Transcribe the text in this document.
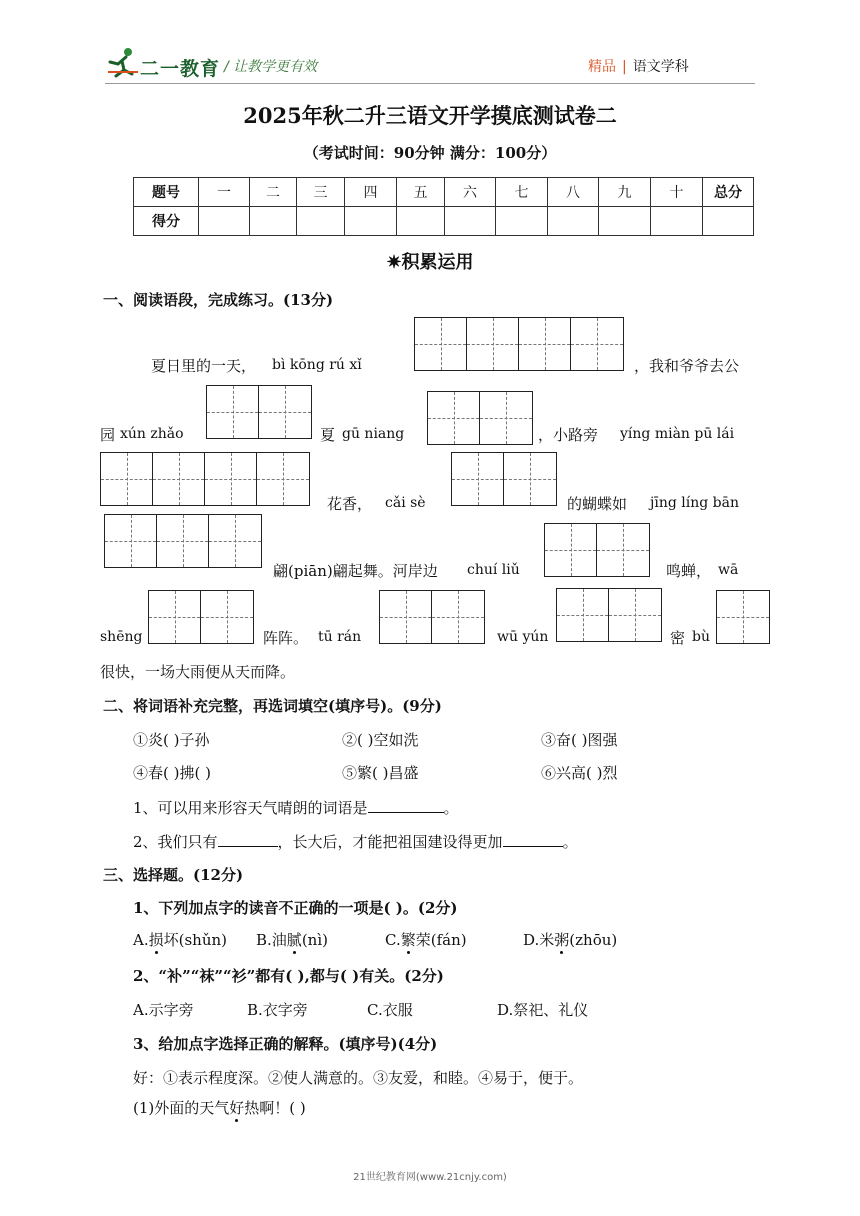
二一教育 / 让教学更有效	精品 | 语文学科
2025年秋二升三语文开学摸底测试卷二
（考试时间：90分钟 满分：100分）
题号	一	二	三	四	五	六	七	八	九	十	总分
得分											
✷积累运用
一、阅读语段，完成练习。(13分)
夏日里的一天， bì kōng rú xǐ	，我和爷爷去公
园 xún zhǎo	夏 gū niang	，小路旁 yíng miàn pū lái
花香， cǎi sè	的蝴蝶如 jīng líng bān
翩(piān)翩起舞。河岸边 chuí liǔ	鸣蝉， wā
shēng	阵阵。 tū rán	wū yún	密 bù
很快，一场大雨便从天而降。
二、将词语补充完整，再选词填空(填序号)。(9分)
①炎( )子孙	②( )空如洗	③奋( )图强
④春( )拂( )	⑤繁( )昌盛	⑥兴高( )烈
1、可以用来形容天气晴朗的词语是	。
2、我们只有	，长大后，才能把祖国建设得更加	。
三、选择题。(12分)
1、下列加点字的读音不正确的一项是( )。(2分)
A.损坏(shǔn) B.油腻(nì)	C.繁荣(fán)	D.米粥(zhōu)
2、“补”“袜”“衫”都有( ),都与( )有关。(2分)
A.示字旁	B.衣字旁	C.衣服	D.祭祀、礼仪
3、给加点字选择正确的解释。(填序号)(4分)
好：①表示程度深。②使人满意的。③友爱，和睦。④易于，便于。
(1)外面的天气好热啊！( )
21世纪教育网(www.21cnjy.com)
